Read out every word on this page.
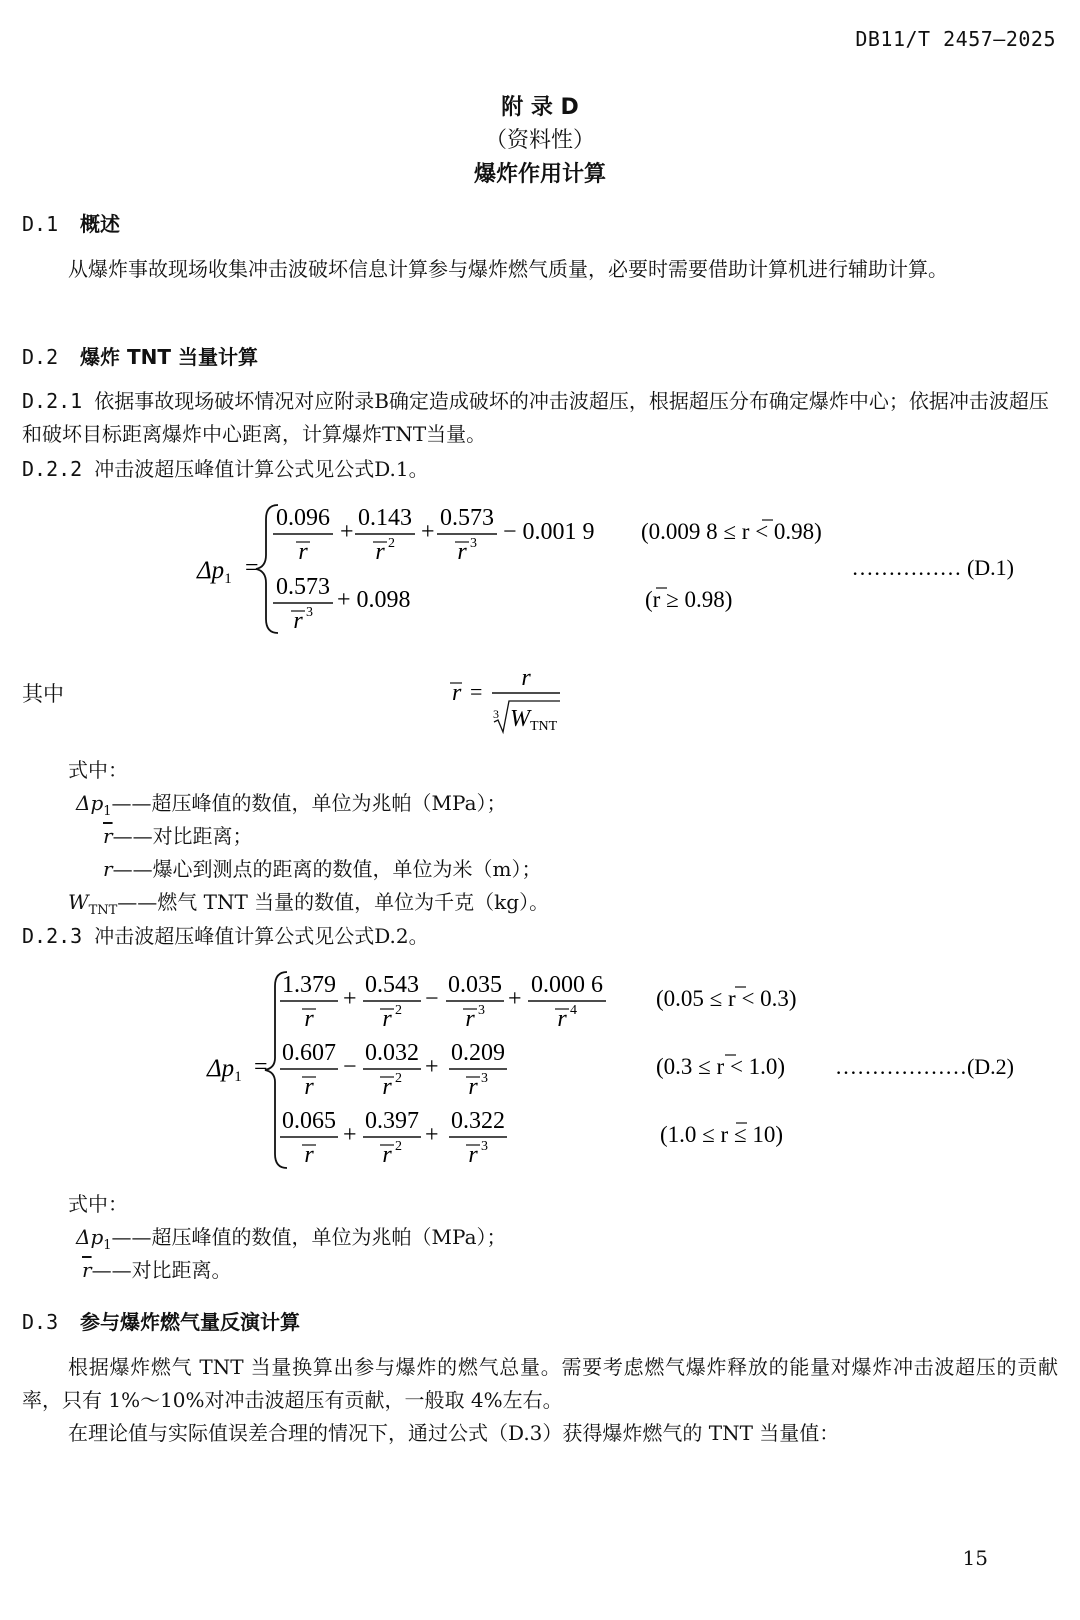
DB11/T 2457—2025
附 录 D
（资料性）
爆炸作用计算
D.1 概述
从爆炸事故现场收集冲击波破坏信息计算参与爆炸燃气质量，必要时需要借助计算机进行辅助计算。
D.2 爆炸 TNT 当量计算
D.2.1 依据事故现场破坏情况对应附录B确定造成破坏的冲击波超压，根据超压分布确定爆炸中心；依据冲击波超压和破坏目标距离爆炸中心距离，计算爆炸TNT当量。
D.2.2 冲击波超压峰值计算公式见公式D.1。
$\Delta p_1$ =
0.096
r
+
0.143
r 2 +
0.573
r 3 − 0.001 9 (0.009 8 ≤ r < 0.98)
0.573
r 3 + 0.098	(r ≥ 0.98)
…………… (D.1)
其中	r =
r
3 WTNT
式中：
$\Delta p_1——$超压峰值的数值，单位为兆帕（MPa）；
$\overline{r}——$对比距离；
r——爆心到测点的距离的数值，单位为米（m）；
$W_{TNT}——$燃气 TNT 当量的数值，单位为千克（kg）。
D.2.3 冲击波超压峰值计算公式见公式D.2。
$\Delta p_1$ =
1.379
r
+
0.543
r 2 −
0.035
r 3 +
0.000 6
r 4	(0.05 ≤ r < 0.3)
0.607
r
−
0.032
r 2 +
0.209
r 3	(0.3 ≤ r < 1.0)
0.065
r
+
0.397
r 2 +
0.322
r 3	(1.0 ≤ r ≤ 10)
………………(D.2)
式中：
$\Delta p_1——$超压峰值的数值，单位为兆帕（MPa）；
$\overline{r}——$对比距离。
D.3 参与爆炸燃气量反演计算
根据爆炸燃气 TNT 当量换算出参与爆炸的燃气总量。需要考虑燃气爆炸释放的能量对爆炸冲击波超压的贡献率，只有 1%～10%对冲击波超压有贡献，一般取 4%左右。
在理论值与实际值误差合理的情况下，通过公式（D.3）获得爆炸燃气的 TNT 当量值：
15
